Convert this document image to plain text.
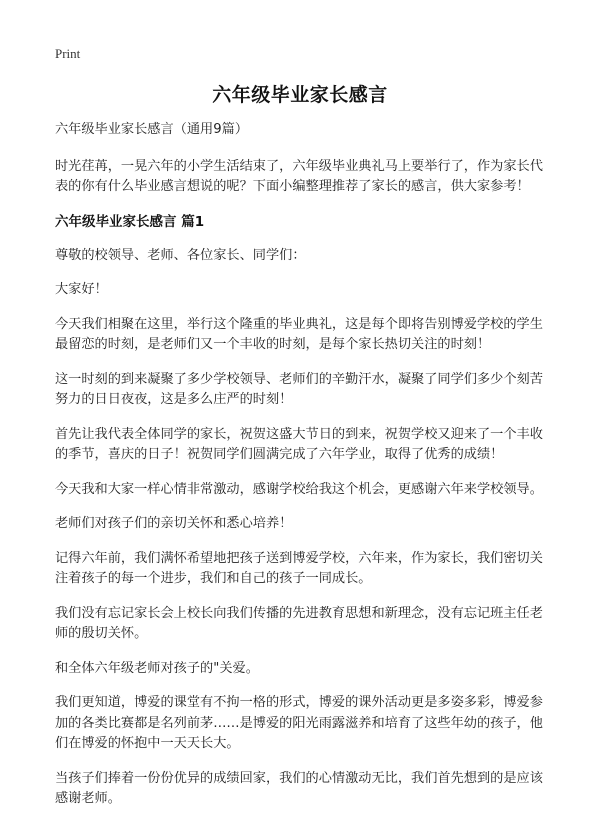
Print
六年级毕业家长感言

六年级毕业家长感言（通用9篇）

时光荏苒，一晃六年的小学生活结束了，六年级毕业典礼马上要举行了，作为家长代表的你有什么毕业感言想说的呢？下面小编整理推荐了家长的感言，供大家参考！

六年级毕业家长感言 篇1

尊敬的校领导、老师、各位家长、同学们：

大家好！

今天我们相聚在这里，举行这个隆重的毕业典礼，这是每个即将告别博爱学校的学生最留恋的时刻，是老师们又一个丰收的时刻，是每个家长热切关注的时刻！

这一时刻的到来凝聚了多少学校领导、老师们的辛勤汗水，凝聚了同学们多少个刻苦努力的日日夜夜，这是多么庄严的时刻！

首先让我代表全体同学的家长，祝贺这盛大节日的到来，祝贺学校又迎来了一个丰收的季节，喜庆的日子！祝贺同学们圆满完成了六年学业，取得了优秀的成绩！

今天我和大家一样心情非常激动，感谢学校给我这个机会，更感谢六年来学校领导。

老师们对孩子们的亲切关怀和悉心培养！

记得六年前，我们满怀希望地把孩子送到博爱学校，六年来，作为家长，我们密切关注着孩子的每一个进步，我们和自己的孩子一同成长。

我们没有忘记家长会上校长向我们传播的先进教育思想和新理念，没有忘记班主任老师的殷切关怀。

和全体六年级老师对孩子的"关爱。

我们更知道，博爱的课堂有不拘一格的形式，博爱的课外活动更是多姿多彩，博爱参加的各类比赛都是名列前茅……是博爱的阳光雨露滋养和培育了这些年幼的孩子，他们在博爱的怀抱中一天天长大。

当孩子们捧着一份份优异的成绩回家，我们的心情激动无比，我们首先想到的是应该感谢老师。
